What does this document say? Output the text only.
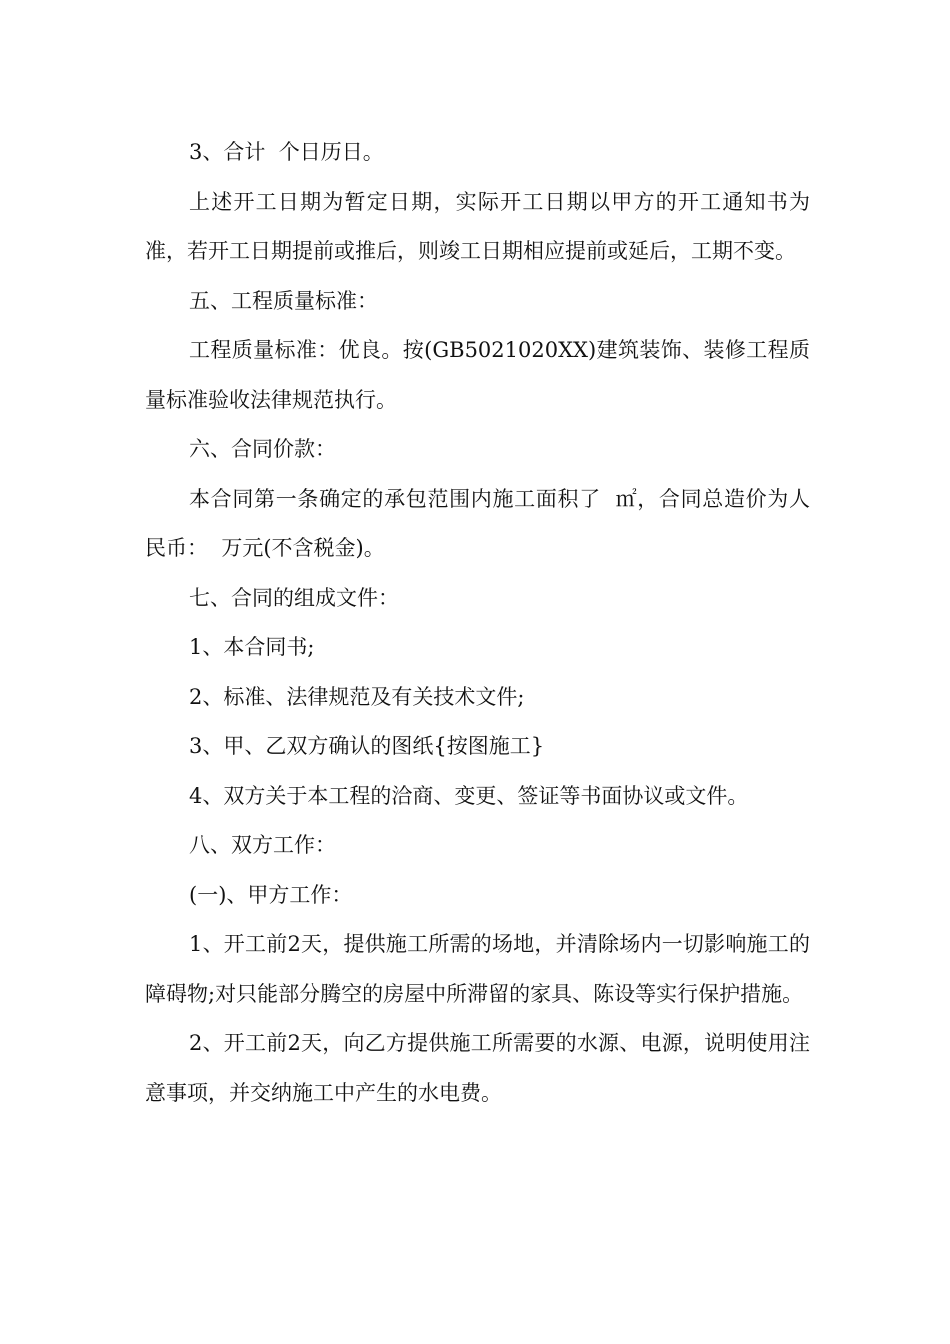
3、合计  个日历日。

上述开工日期为暂定日期，实际开工日期以甲方的开工通知书为准，若开工日期提前或推后，则竣工日期相应提前或延后，工期不变。

五、工程质量标准：

工程质量标准：优良。按(GB5021020XX)建筑装饰、装修工程质量标准验收法律规范执行。

六、合同价款：

本合同第一条确定的承包范围内施工面积了  ㎡，合同总造价为人民币：  万元(不含税金)。

七、合同的组成文件：

1、本合同书;

2、标准、法律规范及有关技术文件;

3、甲、乙双方确认的图纸{按图施工}

4、双方关于本工程的洽商、变更、签证等书面协议或文件。

八、双方工作：

(一)、甲方工作：

1、开工前2天，提供施工所需的场地，并清除场内一切影响施工的障碍物;对只能部分腾空的房屋中所滞留的家具、陈设等实行保护措施。

2、开工前2天，向乙方提供施工所需要的水源、电源，说明使用注意事项，并交纳施工中产生的水电费。
